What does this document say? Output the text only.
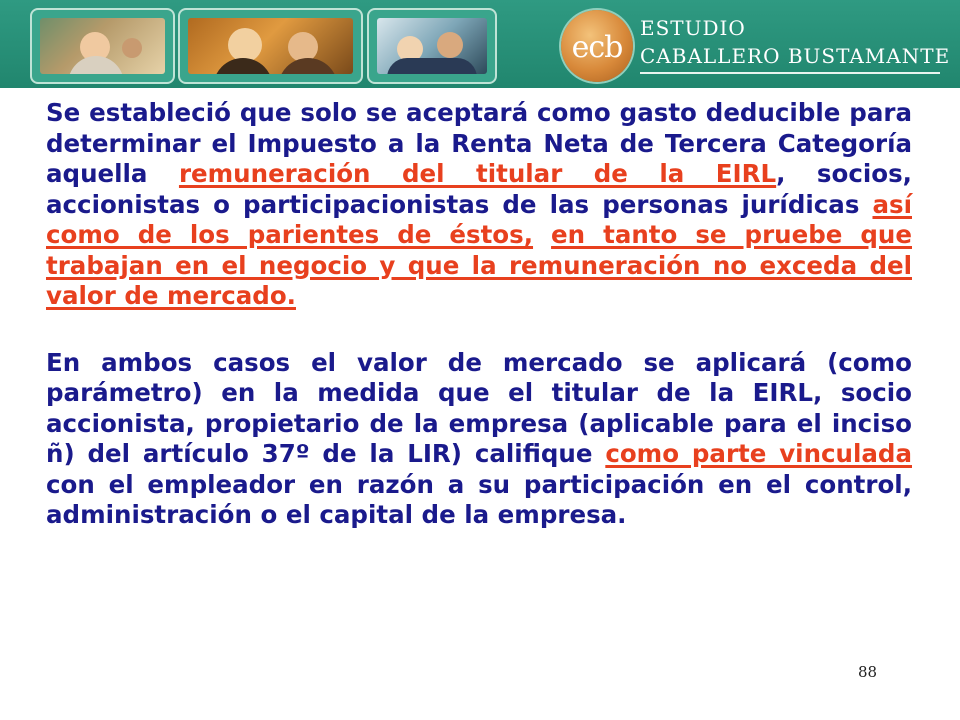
ecb
ESTUDIO
CABALLERO BUSTAMANTE

Se estableció que solo se aceptará como gasto deducible para determinar el Impuesto a la Renta Neta de Tercera Categoría aquella remuneración del titular de la EIRL, socios, accionistas o participacionistas de las personas jurídicas así como de los parientes de éstos, en tanto se pruebe que trabajan en el negocio y que la remuneración no exceda del valor de mercado.

En ambos casos el valor de mercado se aplicará (como parámetro) en la medida que el titular de la EIRL, socio accionista, propietario de la empresa (aplicable para el inciso ñ) del artículo 37º de la LIR) califique como parte vinculada con el empleador en razón a su participación en el control, administración o el capital de la empresa.

88
